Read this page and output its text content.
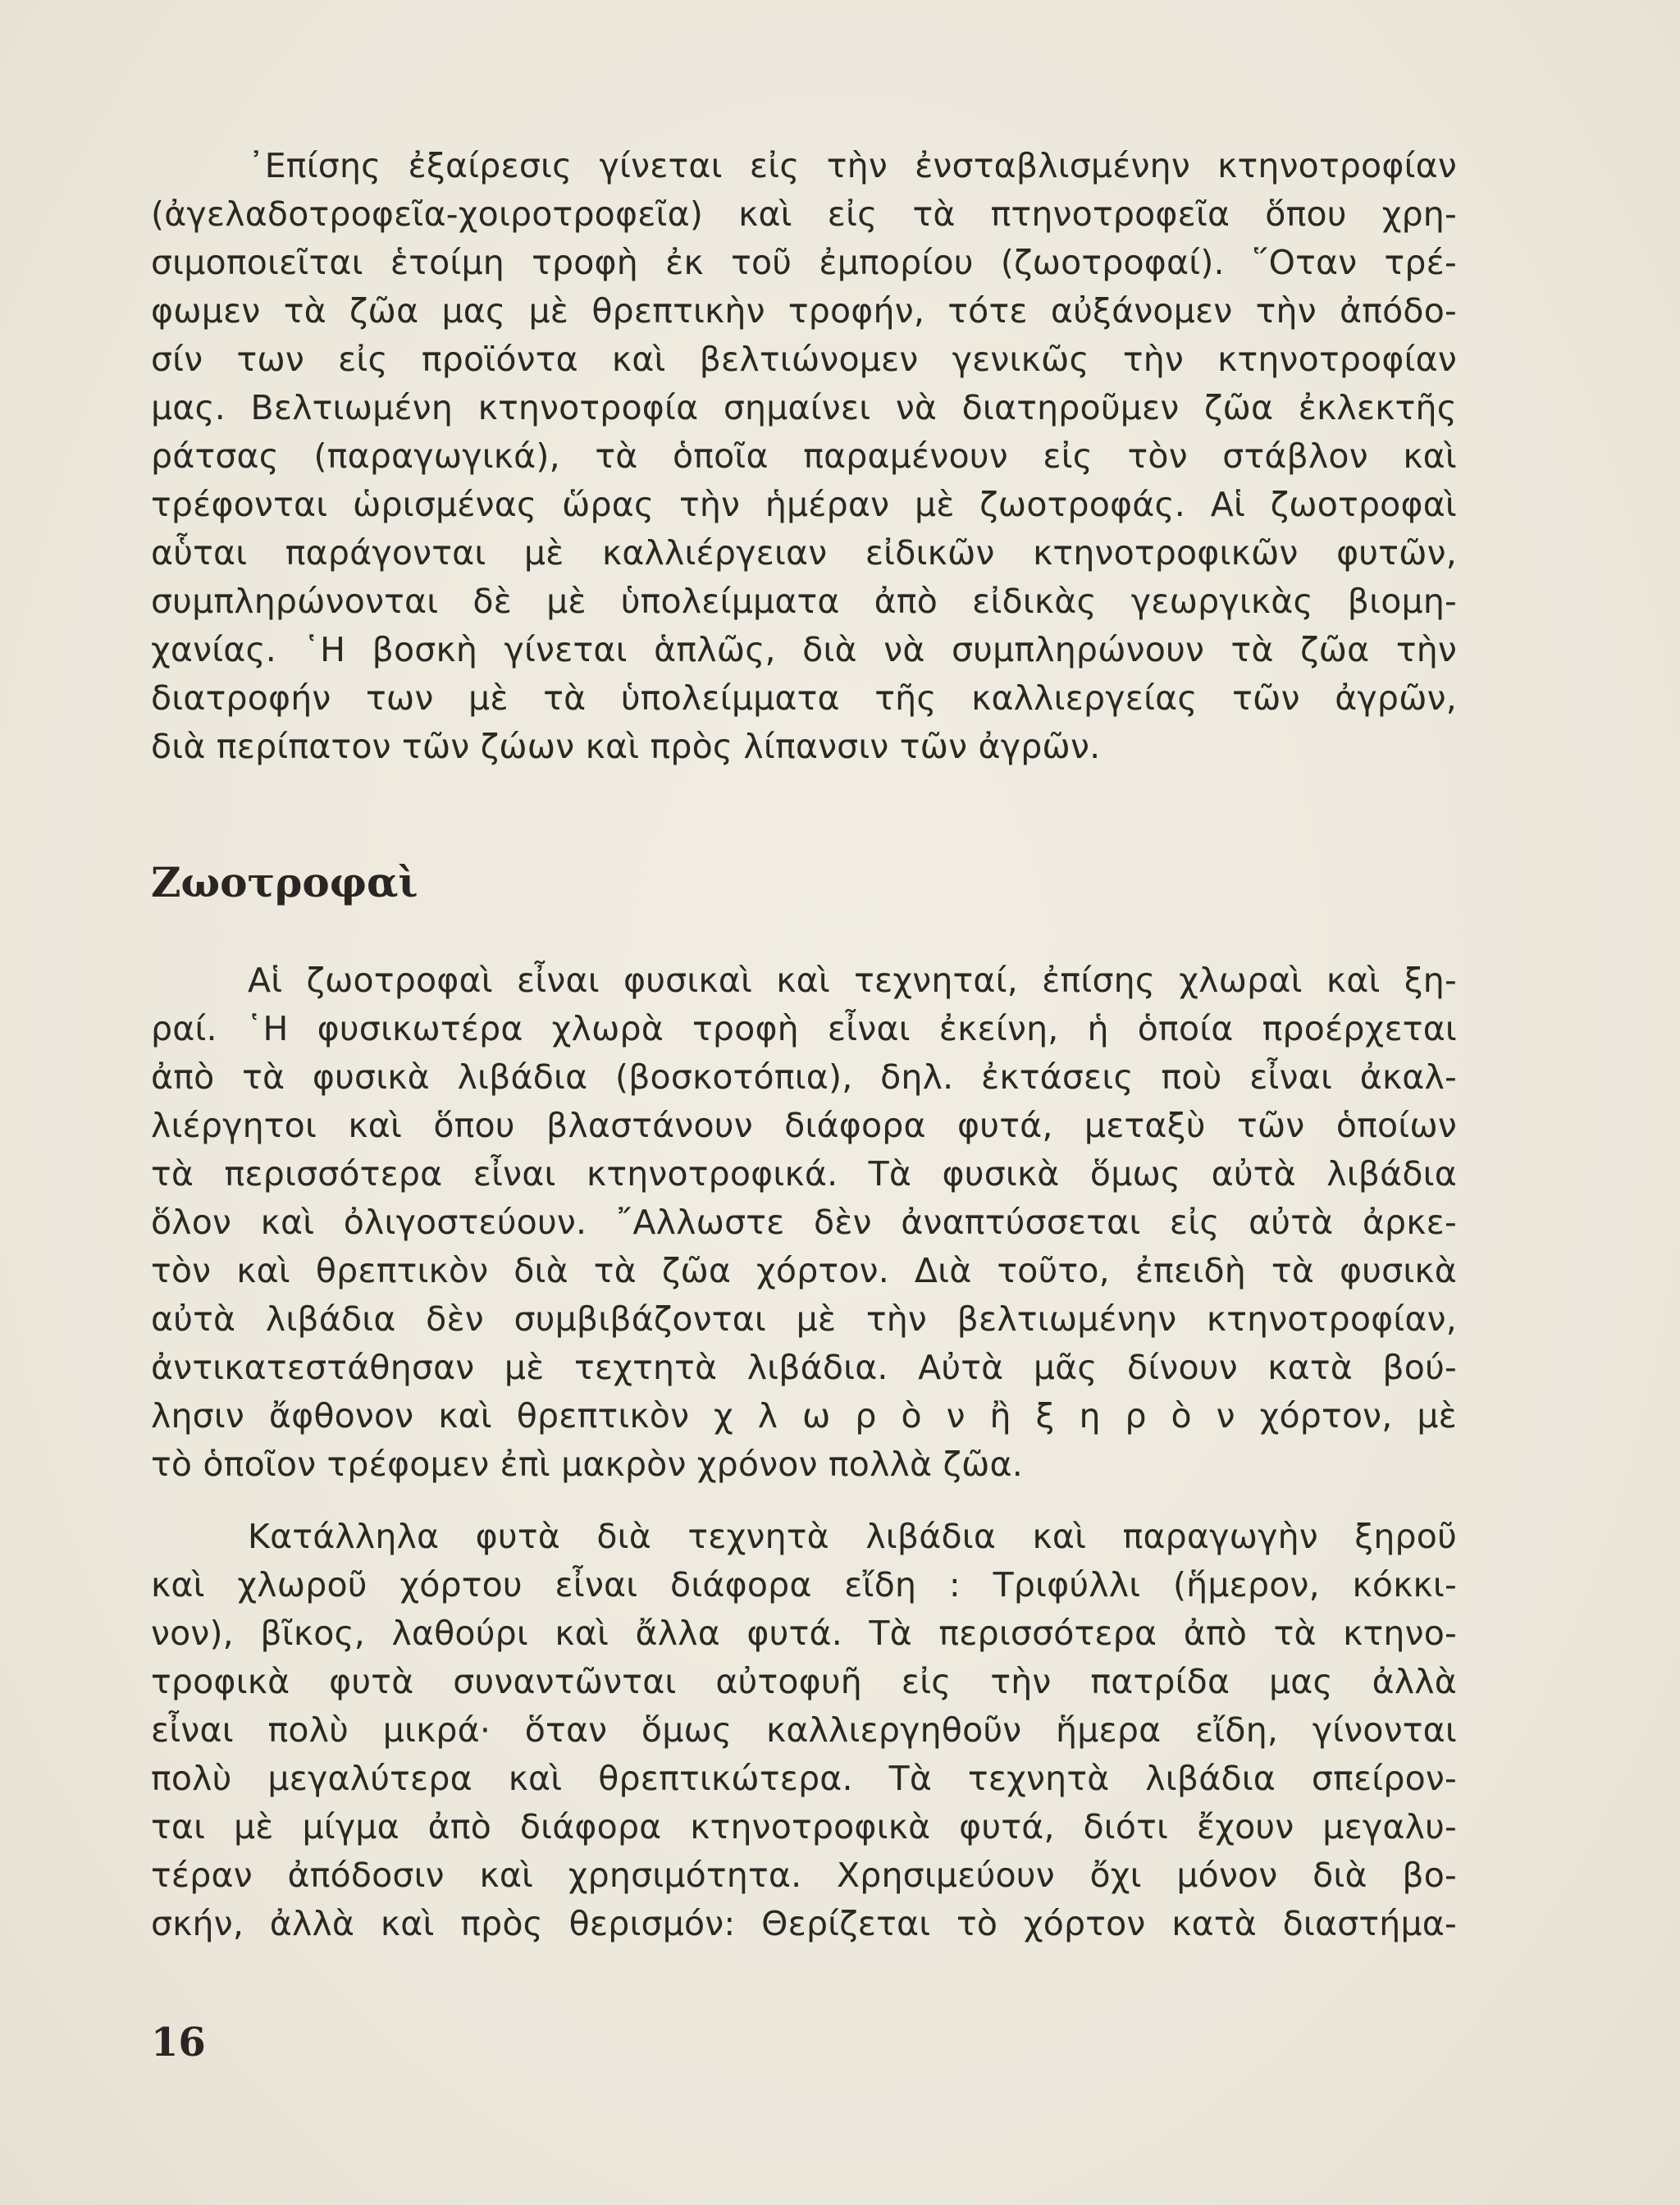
᾿Επίσης ἐξαίρεσις γίνεται εἰς τὴν ἐνσταβλισμένην κτηνοτροφίαν
(ἀγελαδοτροφεῖα-χοιροτροφεῖα) καὶ εἰς τὰ πτηνοτροφεῖα ὅπου χρη-
σιμοποιεῖται ἑτοίμη τροφὴ ἐκ τοῦ ἐμπορίου (ζωοτροφαί). ῞Οταν τρέ-
φωμεν τὰ ζῶα μας μὲ θρεπτικὴν τροφήν, τότε αὐξάνομεν τὴν ἀπόδο-
σίν των εἰς προϊόντα καὶ βελτιώνομεν γενικῶς τὴν κτηνοτροφίαν
μας. Βελτιωμένη κτηνοτροφία σημαίνει νὰ διατηροῦμεν ζῶα ἐκλεκτῆς
ράτσας (παραγωγικά), τὰ ὁποῖα παραμένουν εἰς τὸν στάβλον καὶ
τρέφονται ὡρισμένας ὥρας τὴν ἡμέραν μὲ ζωοτροφάς. Αἱ ζωοτροφαὶ
αὗται παράγονται μὲ καλλιέργειαν εἰδικῶν κτηνοτροφικῶν φυτῶν,
συμπληρώνονται δὲ μὲ ὑπολείμματα ἀπὸ εἰδικὰς γεωργικὰς βιομη-
χανίας. ῾Η βοσκὴ γίνεται ἁπλῶς, διὰ νὰ συμπληρώνουν τὰ ζῶα τὴν
διατροφήν των μὲ τὰ ὑπολείμματα τῆς καλλιεργείας τῶν ἀγρῶν,
διὰ περίπατον τῶν ζώων καὶ πρὸς λίπανσιν τῶν ἀγρῶν.
Ζωοτροφαὶ
Αἱ ζωοτροφαὶ εἶναι φυσικαὶ καὶ τεχνηταί, ἐπίσης χλωραὶ καὶ ξη-
ραί. ῾Η φυσικωτέρα χλωρὰ τροφὴ εἶναι ἐκείνη, ἡ ὁποία προέρχεται
ἀπὸ τὰ φυσικὰ λιβάδια (βοσκοτόπια), δηλ. ἐκτάσεις ποὺ εἶναι ἀκαλ-
λιέργητοι καὶ ὅπου βλαστάνουν διάφορα φυτά, μεταξὺ τῶν ὁποίων
τὰ περισσότερα εἶναι κτηνοτροφικά. Τὰ φυσικὰ ὅμως αὐτὰ λιβάδια
ὅλον καὶ ὀλιγοστεύουν. ῎Αλλωστε δὲν ἀναπτύσσεται εἰς αὐτὰ ἀρκε-
τὸν καὶ θρεπτικὸν διὰ τὰ ζῶα χόρτον. Διὰ τοῦτο, ἐπειδὴ τὰ φυσικὰ
αὐτὰ λιβάδια δὲν συμβιβάζονται μὲ τὴν βελτιωμένην κτηνοτροφίαν,
ἀντικατεστάθησαν μὲ τεχτητὰ λιβάδια. Αὐτὰ μᾶς δίνουν κατὰ βού-
λησιν ἄφθονον καὶ θρεπτικὸν χ λ ω ρ ὸ ν ἢ ξ η ρ ὸ ν χόρτον, μὲ
τὸ ὁποῖον τρέφομεν ἐπὶ μακρὸν χρόνον πολλὰ ζῶα.
Κατάλληλα φυτὰ διὰ τεχνητὰ λιβάδια καὶ παραγωγὴν ξηροῦ
καὶ χλωροῦ χόρτου εἶναι διάφορα εἴδη : Τριφύλλι (ἥμερον, κόκκι-
νον), βῖκος, λαθούρι καὶ ἄλλα φυτά. Τὰ περισσότερα ἀπὸ τὰ κτηνο-
τροφικὰ φυτὰ συναντῶνται αὐτοφυῆ εἰς τὴν πατρίδα μας ἀλλὰ
εἶναι πολὺ μικρά· ὅταν ὅμως καλλιεργηθοῦν ἥμερα εἴδη, γίνονται
πολὺ μεγαλύτερα καὶ θρεπτικώτερα. Τὰ τεχνητὰ λιβάδια σπείρον-
ται μὲ μίγμα ἀπὸ διάφορα κτηνοτροφικὰ φυτά, διότι ἔχουν μεγαλυ-
τέραν ἀπόδοσιν καὶ χρησιμότητα. Χρησιμεύουν ὄχι μόνον διὰ βο-
σκήν, ἀλλὰ καὶ πρὸς θερισμόν: Θερίζεται τὸ χόρτον κατὰ διαστήμα-
16
